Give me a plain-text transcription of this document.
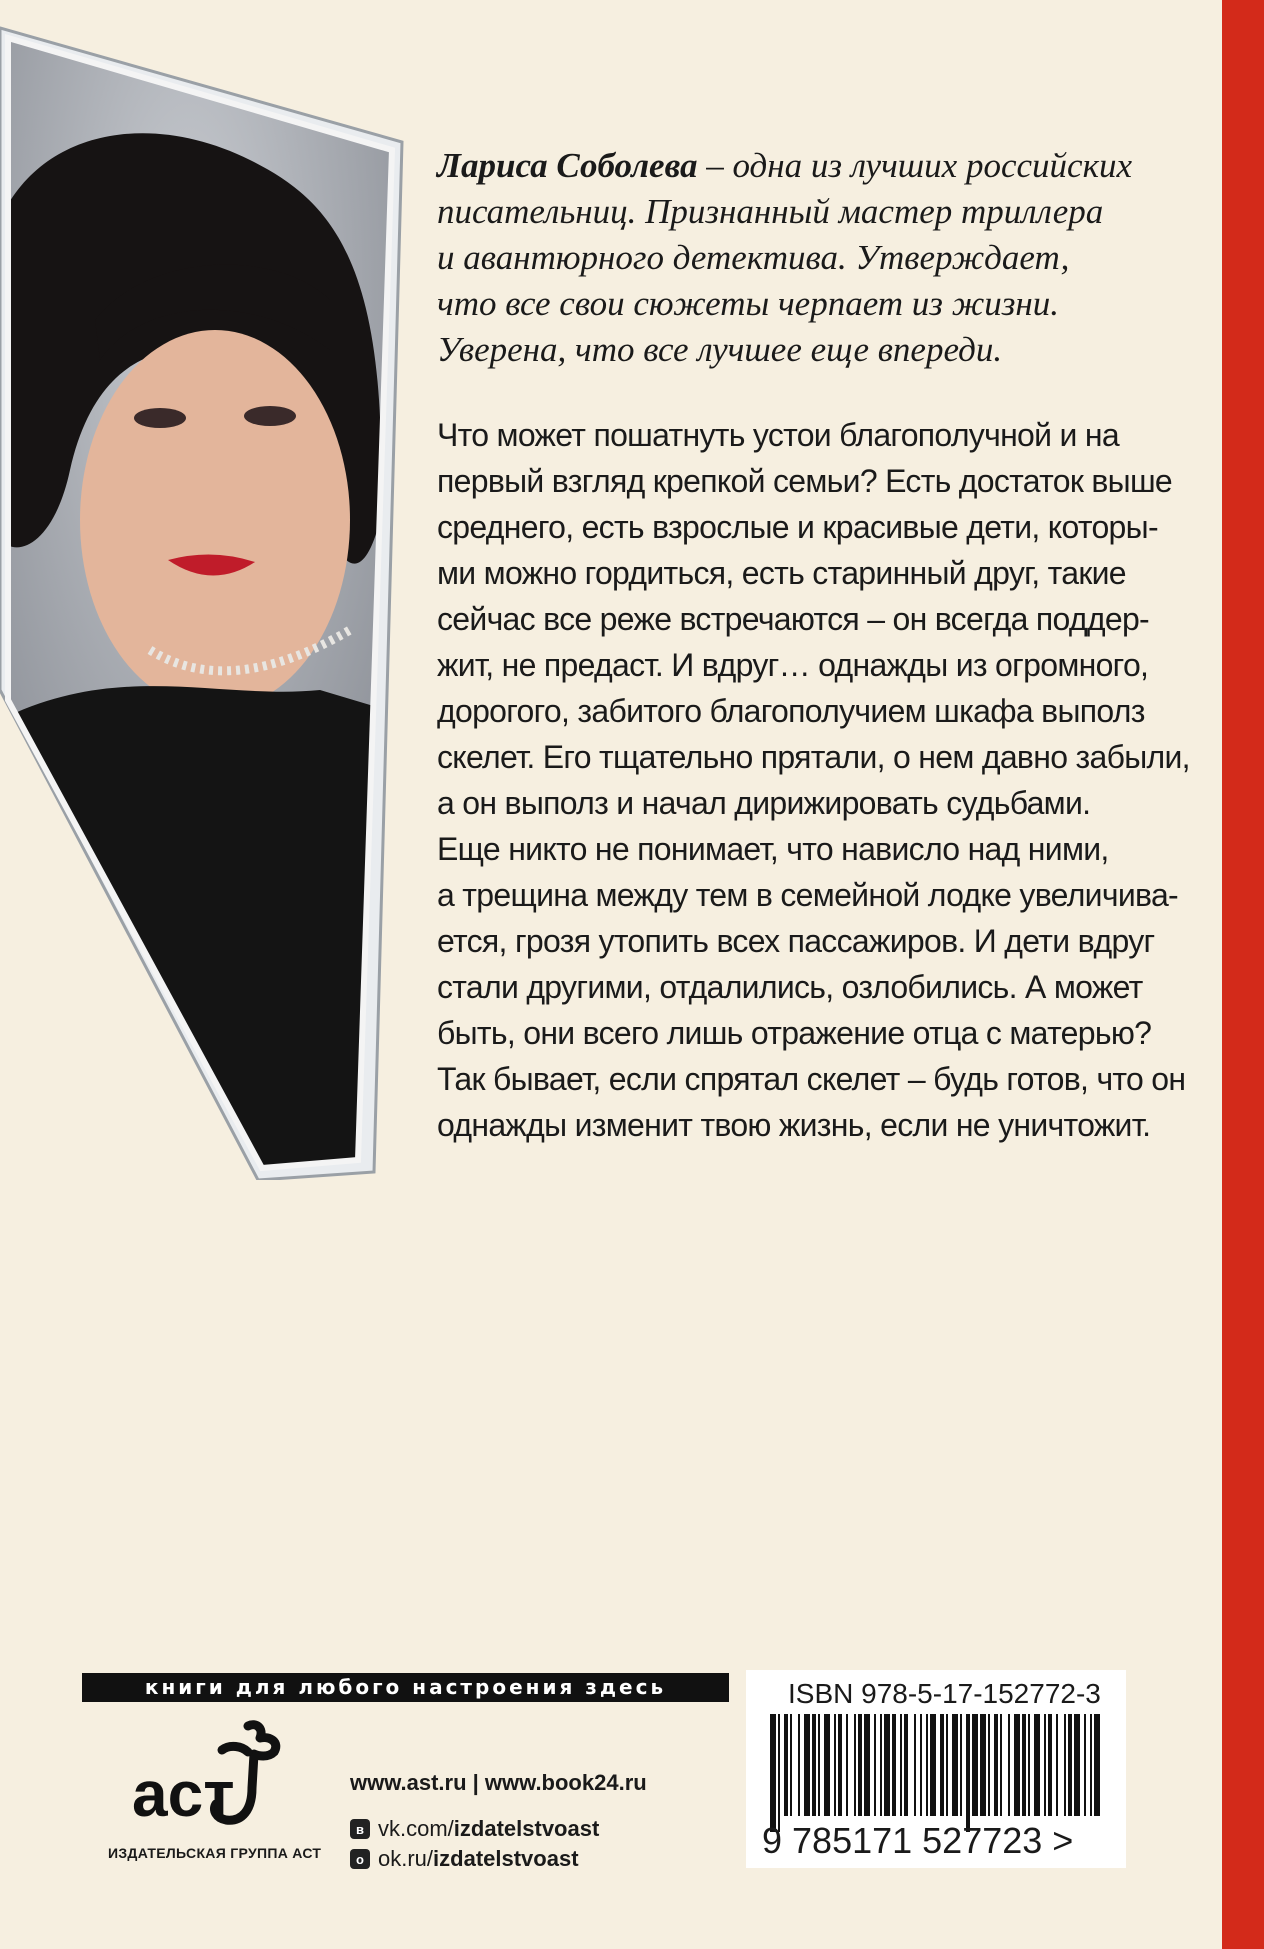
Лариса Соболева – одна из лучших российских
писательниц. Признанный мастер триллера
и авантюрного детектива. Утверждает,
что все свои сюжеты черпает из жизни.
Уверена, что все лучшее еще впереди.

Что может пошатнуть устои благополучной и на
первый взгляд крепкой семьи? Есть достаток выше
среднего, есть взрослые и красивые дети, которы-
ми можно гордиться, есть старинный друг, такие
сейчас все реже встречаются – он всегда поддер-
жит, не предаст. И вдруг… однажды из огромного,
дорогого, забитого благополучием шкафа выполз
скелет. Его тщательно прятали, о нем давно забыли,
а он выполз и начал дирижировать судьбами.
Еще никто не понимает, что нависло над ними,
а трещина между тем в семейной лодке увеличива-
ется, грозя утопить всех пассажиров. И дети вдруг
стали другими, отдалились, озлобились. А может
быть, они всего лишь отражение отца с матерью?
Так бывает, если спрятал скелет – будь готов, что он
однажды изменит твою жизнь, если не уничтожит.

книги для любого настроения здесь
аст
ИЗДАТЕЛЬСКАЯ ГРУППА АСТ
www.ast.ru | www.book24.ru
в vk.com/ izdatelstvoast
o ok.ru/ izdatelstvoast
ISBN 978-5-17-152772-3
9 785171 527723 >
